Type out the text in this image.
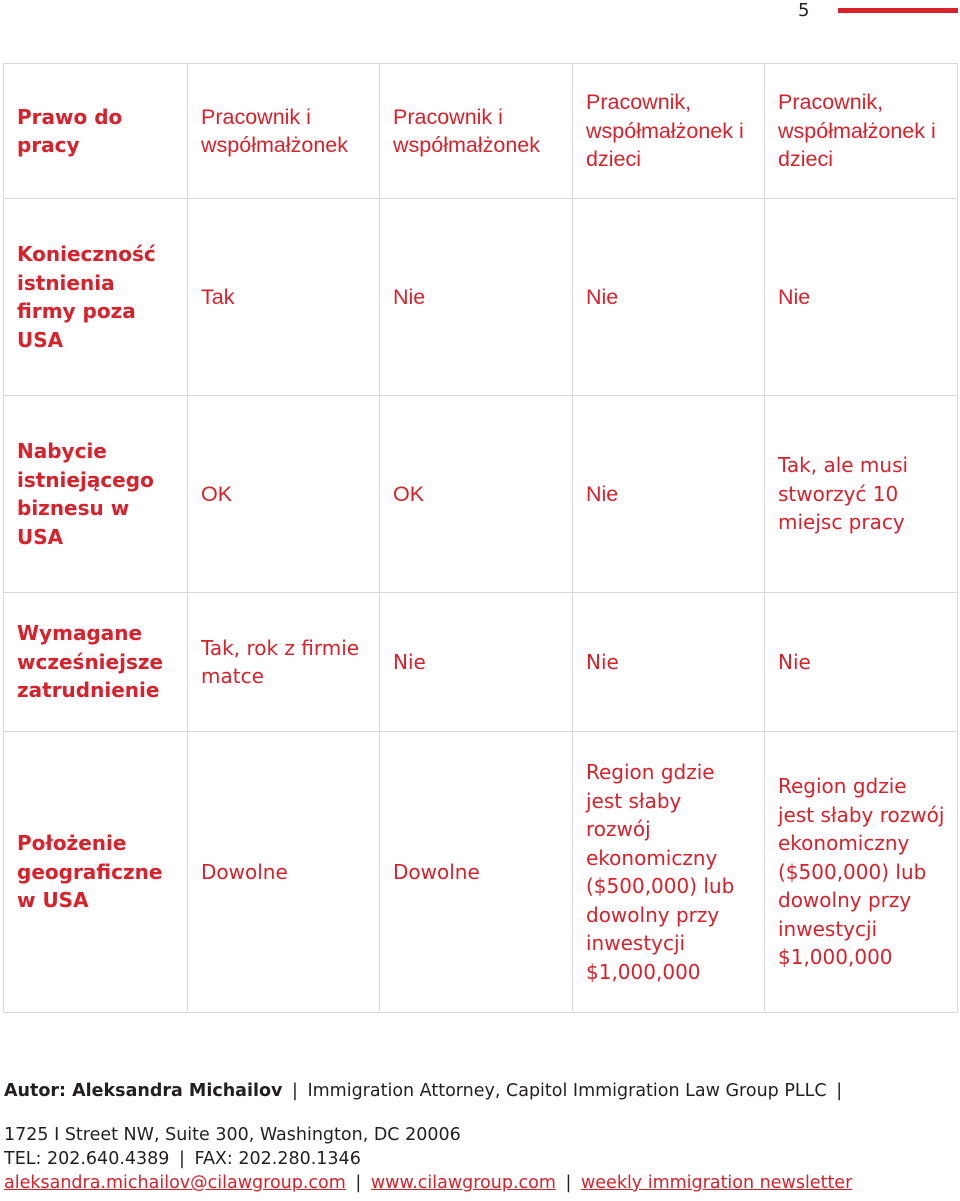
5
Prawo do pracy	Pracownik i współmałżonek	Pracownik i współmałżonek	Pracownik, współmałżonek i dzieci	Pracownik, współmałżonek i dzieci
Konieczność istnienia firmy poza USA	Tak	Nie	Nie	Nie
Nabycie istniejącego biznesu w USA	OK	OK	Nie	Tak, ale musi stworzyć 10 miejsc pracy
Wymagane wcześniejsze zatrudnienie	Tak, rok z firmie matce	Nie	Nie	Nie
Położenie geograficzne w USA	Dowolne	Dowolne	Region gdzie jest słaby rozwój ekonomiczny ($500,000) lub dowolny przy inwestycji $1,000,000	Region gdzie jest słaby rozwój ekonomiczny ($500,000) lub dowolny przy inwestycji $1,000,000
Autor: Aleksandra Michailov | Immigration Attorney, Capitol Immigration Law Group PLLC |
1725 I Street NW, Suite 300, Washington, DC 20006
TEL: 202.640.4389 | FAX: 202.280.1346
aleksandra.michailov@cilawgroup.com | www.cilawgroup.com | weekly immigration newsletter
